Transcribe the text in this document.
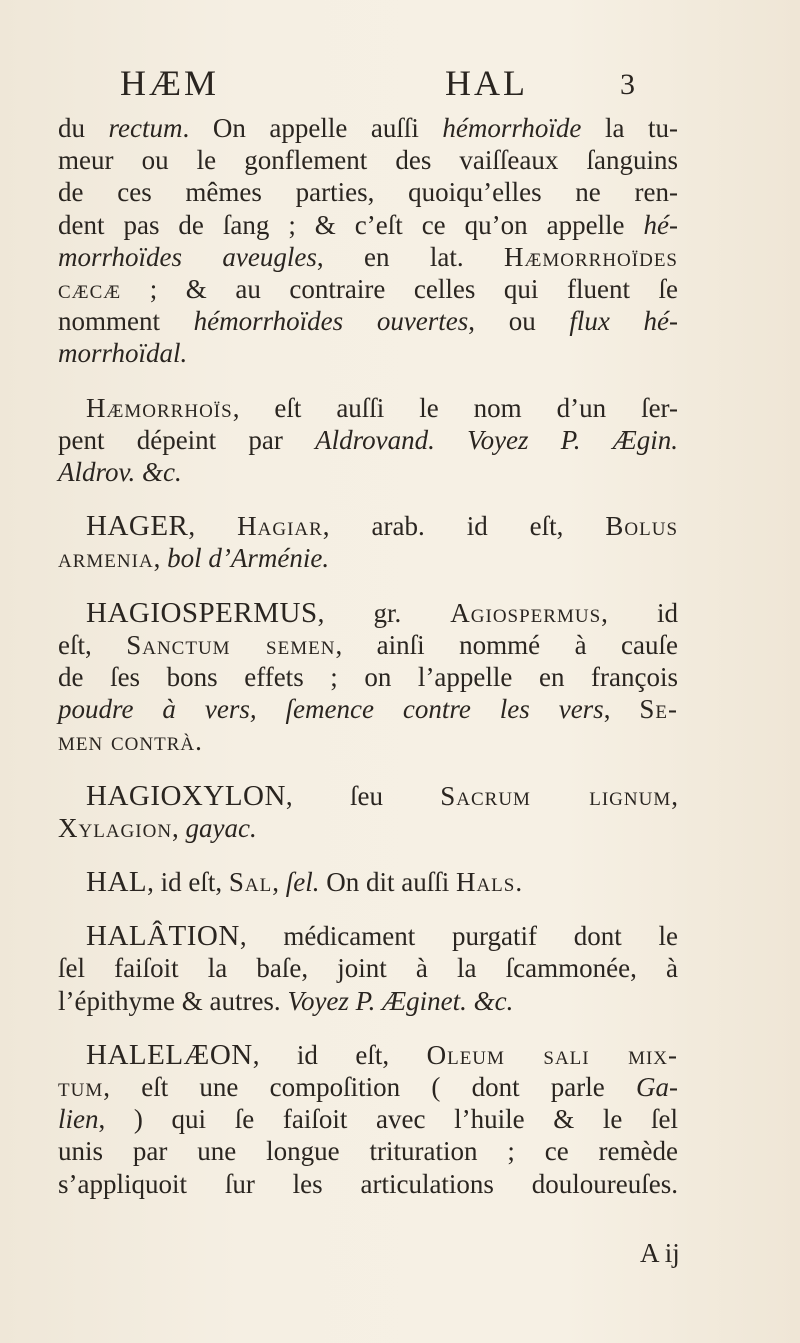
HÆM	HAL	3
du rectum. On appelle auſſi hémorrhoïde la tu-
meur ou le gonflement des vaiſſeaux ſanguins
de ces mêmes parties, quoiqu’elles ne ren-
dent pas de ſang ; & c’eſt ce qu’on appelle hé-
morrhoïdes aveugles, en lat. Hæmorrhoïdes
cæcæ ; & au contraire celles qui fluent ſe
nomment hémorrhoïdes ouvertes, ou flux hé-
morrhoïdal.
Hæmorrhoïs, eſt auſſi le nom d’un ſer-
pent dépeint par Aldrovand. Voyez P. Ægin.
Aldrov. &c.
HAGER, Hagiar, arab. id eſt, Bolus
armenia, bol d’Arménie.
HAGIOSPERMUS, gr. Agiospermus, id
eſt, Sanctum semen, ainſi nommé à cauſe
de ſes bons effets ; on l’appelle en françois
poudre à vers, ſemence contre les vers, Se-
men contrà.
HAGIOXYLON, ſeu Sacrum lignum,
Xylagion, gayac.
HAL, id eſt, Sal, ſel. On dit auſſi Hals.
HALÂTION, médicament purgatif dont le
ſel faiſoit la baſe, joint à la ſcammonée, à
l’épithyme & autres. Voyez P. Æginet. &c.
HALELÆON, id eſt, Oleum sali mix-
tum, eſt une compoſition ( dont parle Ga-
lien, ) qui ſe faiſoit avec l’huile & le ſel
unis par une longue trituration ; ce remède
s’appliquoit ſur les articulations douloureuſes.
A ij
